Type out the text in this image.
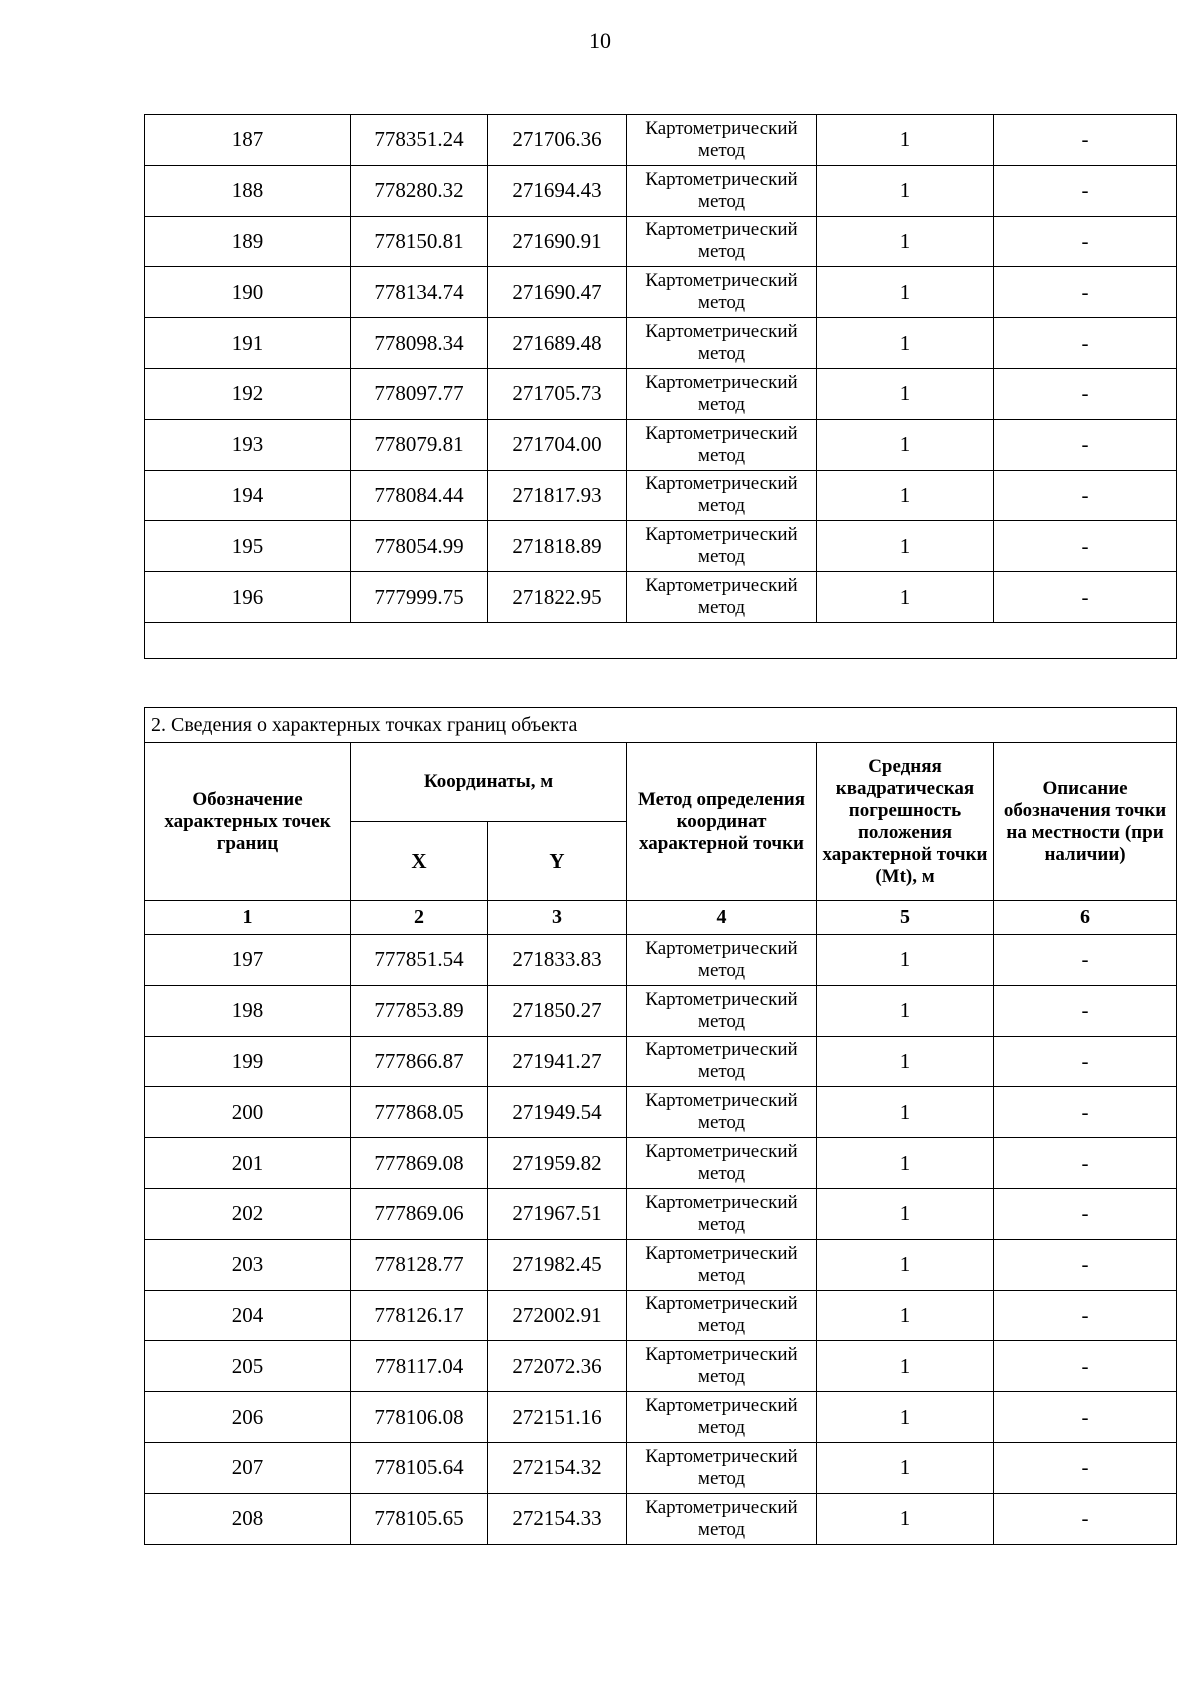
10
187	778351.24	271706.36	Картометрический метод	1	-
188	778280.32	271694.43	Картометрический метод	1	-
189	778150.81	271690.91	Картометрический метод	1	-
190	778134.74	271690.47	Картометрический метод	1	-
191	778098.34	271689.48	Картометрический метод	1	-
192	778097.77	271705.73	Картометрический метод	1	-
193	778079.81	271704.00	Картометрический метод	1	-
194	778084.44	271817.93	Картометрический метод	1	-
195	778054.99	271818.89	Картометрический метод	1	-
196	777999.75	271822.95	Картометрический метод	1	-

2. Сведения о характерных точках границ объекта					
Обозначение характерных точек границ	Координаты, м		Метод определения координат характерной точки	Средняя квадратическая погрешность положения характерной точки (Mt), м	Описание обозначения точки на местности (при наличии)
	X	Y			
1	2	3	4	5	6
197	777851.54	271833.83	Картометрический метод	1	-
198	777853.89	271850.27	Картометрический метод	1	-
199	777866.87	271941.27	Картометрический метод	1	-
200	777868.05	271949.54	Картометрический метод	1	-
201	777869.08	271959.82	Картометрический метод	1	-
202	777869.06	271967.51	Картометрический метод	1	-
203	778128.77	271982.45	Картометрический метод	1	-
204	778126.17	272002.91	Картометрический метод	1	-
205	778117.04	272072.36	Картометрический метод	1	-
206	778106.08	272151.16	Картометрический метод	1	-
207	778105.64	272154.32	Картометрический метод	1	-
208	778105.65	272154.33	Картометрический метод	1	-
